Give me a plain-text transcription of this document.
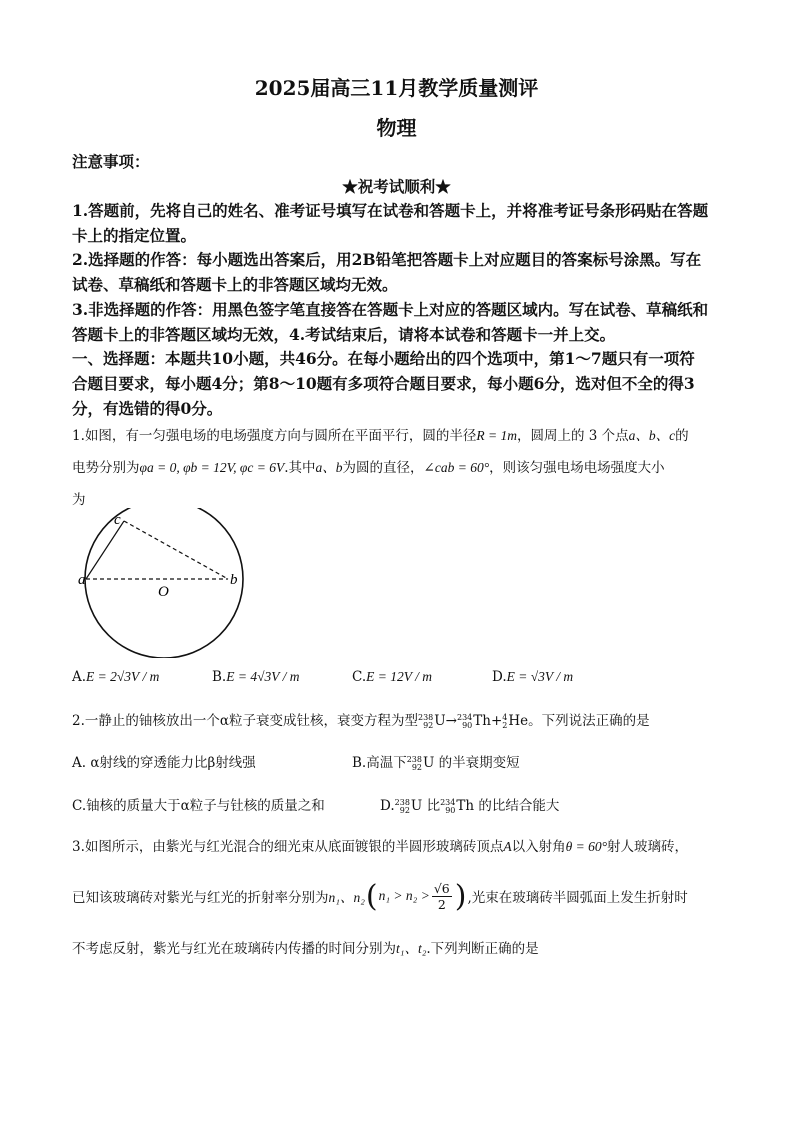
2025届高三11月教学质量测评
物理
注意事项：
★祝考试顺利★
1.答题前，先将自己的姓名、准考证号填写在试卷和答题卡上，并将准考证号条形码贴在答题
卡上的指定位置。
2.选择题的作答：每小题选出答案后，用2B铅笔把答题卡上对应题目的答案标号涂黑。写在
试卷、草稿纸和答题卡上的非答题区域均无效。
3.非选择题的作答：用黑色签字笔直接答在答题卡上对应的答题区域内。写在试卷、草稿纸和
答题卡上的非答题区域均无效，4.考试结束后，请将本试卷和答题卡一并上交。
一、选择题：本题共10小题，共46分。在每小题给出的四个选项中，第1～7题只有一项符
合题目要求，每小题4分；第8～10题有多项符合题目要求，每小题6分，选对但不全的得3
分，有选错的得0分。
1.如图，有一匀强电场的电场强度方向与圆所在平面平行，圆的半径R = 1m，圆周上的 3 个点a、b、c的
电势分别为φa = 0, φb = 12V, φc = 6V.其中a、b为圆的直径，∠cab = 60°，则该匀强电场电场强度大小
为
c
a	b
O
A.E = 2√3V / m	B.E = 4√3V / m	C.E = 12V / m	D.E = √3V / m
2.一静止的铀核放出一个α粒子衰变成钍核，衰变方程为型 238
92 U→ 234
90 Th+ 4
2 He。下列说法正确的是
A. α射线的穿透能力比β射线强	B.高温下 238
92 U 的半衰期变短
C.铀核的质量大于α粒子与钍核的质量之和	D. 238
92 U 比 234
90 Th 的比结合能大
3.如图所示，由紫光与红光混合的细光束从底面镀银的半圆形玻璃砖顶点A以入射角θ = 60°射人玻璃砖，
已知该玻璃砖对紫光与红光的折射率分别为 n₁、n₂ ( $n_1 > n_2 > \frac{√6}{2}$ ) ,光束在玻璃砖半圆弧面上发生折射时
不考虑反射，紫光与红光在玻璃砖内传播的时间分别为t₁、t₂.下列判断正确的是
